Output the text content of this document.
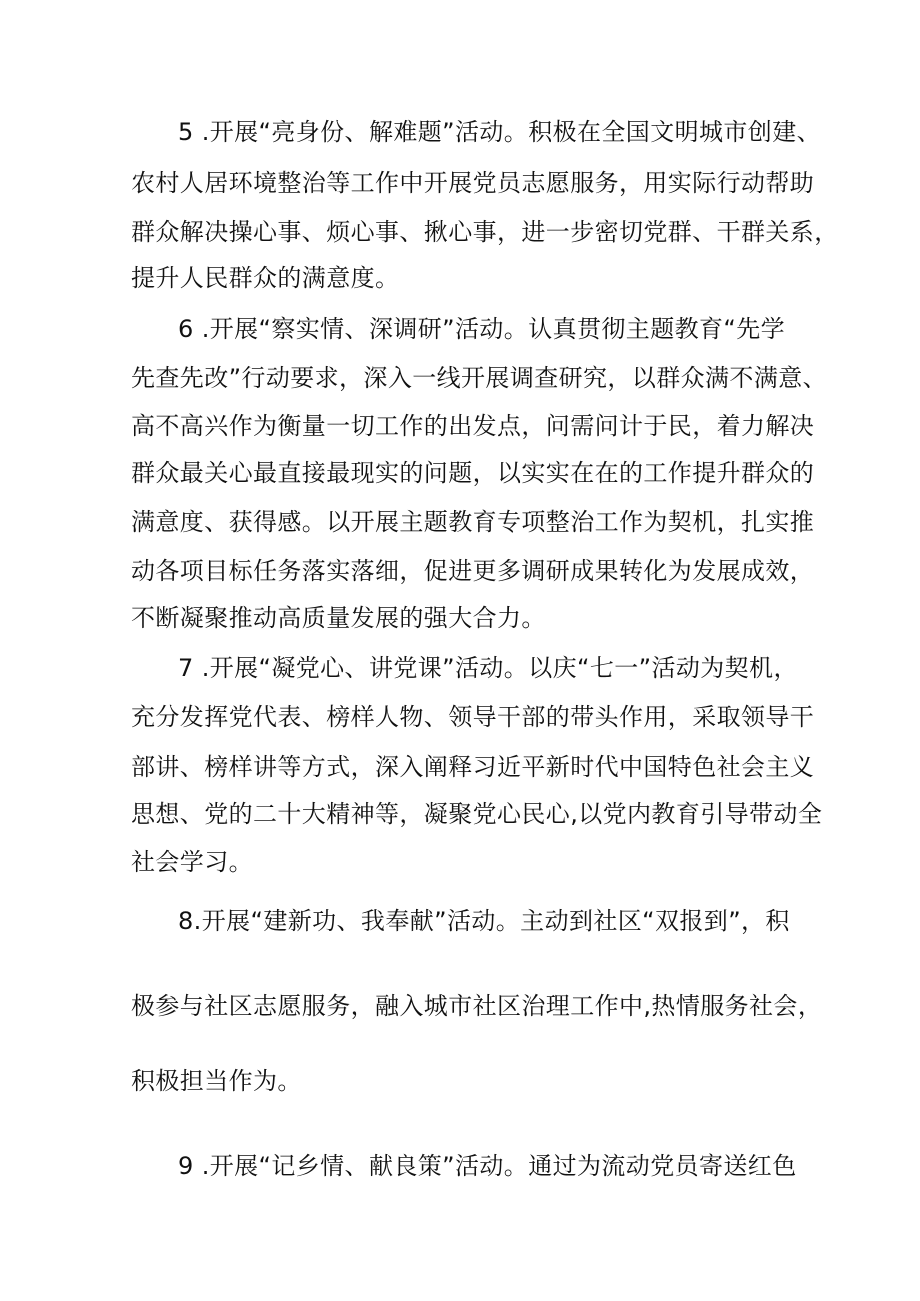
5 .开展“亮身份、解难题”活动。积极在全国文明城市创建、

农村人居环境整治等工作中开展党员志愿服务，用实际行动帮助

群众解决操心事、烦心事、揪心事，进一步密切党群、干群关系，

提升人民群众的满意度。

6 .开展“察实情、深调研”活动。认真贯彻主题教育“先学

先查先改”行动要求，深入一线开展调查研究，以群众满不满意、

高不高兴作为衡量一切工作的出发点，问需问计于民，着力解决

群众最关心最直接最现实的问题，以实实在在的工作提升群众的

满意度、获得感。以开展主题教育专项整治工作为契机，扎实推

动各项目标任务落实落细，促进更多调研成果转化为发展成效，

不断凝聚推动高质量发展的强大合力。

7 .开展“凝党心、讲党课”活动。以庆“七一”活动为契机，

充分发挥党代表、榜样人物、领导干部的带头作用，采取领导干

部讲、榜样讲等方式，深入阐释习近平新时代中国特色社会主义

思想、党的二十大精神等，凝聚党心民心,以党内教育引导带动全

社会学习。

8.开展“建新功、我奉献”活动。主动到社区“双报到”，积

极参与社区志愿服务，融入城市社区治理工作中,热情服务社会，

积极担当作为。

9 .开展“记乡情、献良策”活动。通过为流动党员寄送红色
